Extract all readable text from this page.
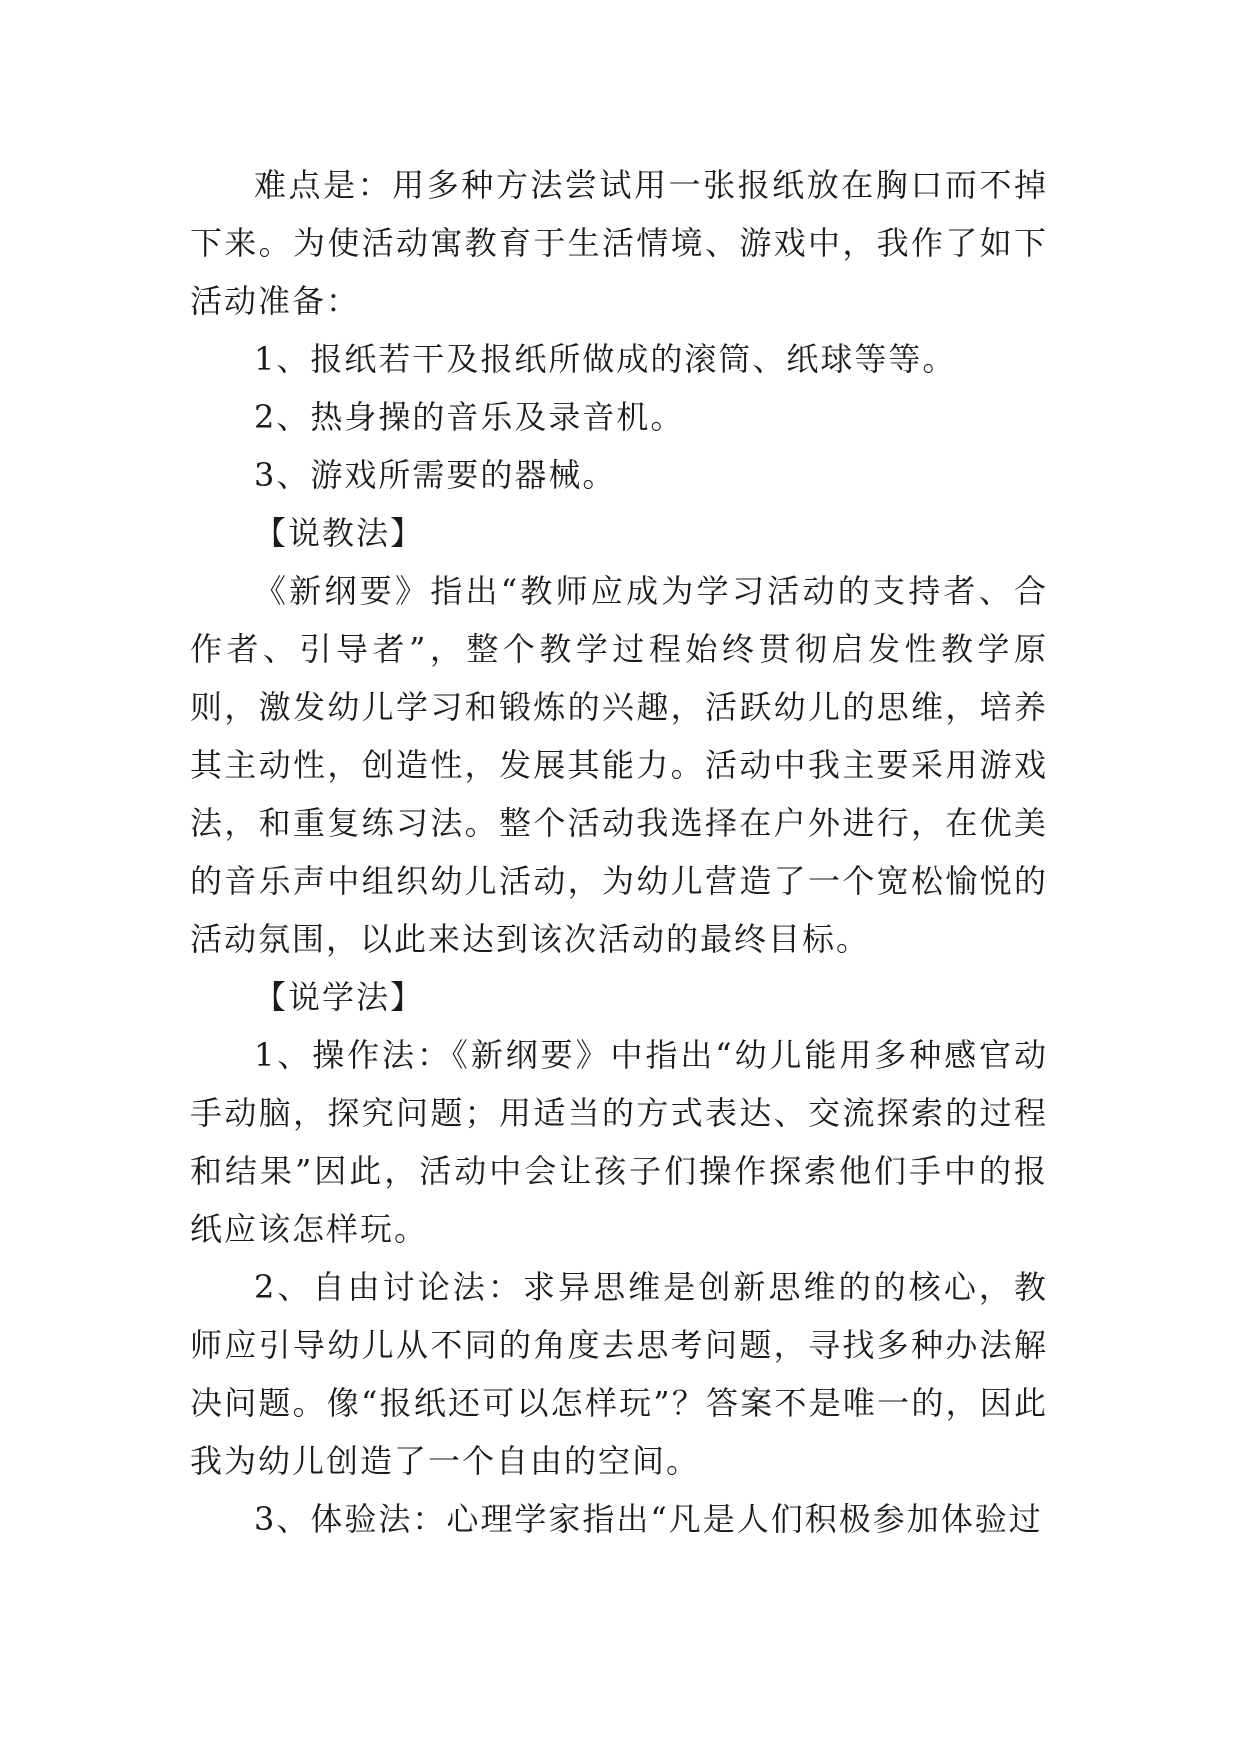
难点是：用多种方法尝试用一张报纸放在胸口而不掉下来。为使活动寓教育于生活情境、游戏中，我作了如下活动准备：

1、报纸若干及报纸所做成的滚筒、纸球等等。

2、热身操的音乐及录音机。

3、游戏所需要的器械。

【说教法】

《新纲要》指出“教师应成为学习活动的支持者、合作者、引导者”，整个教学过程始终贯彻启发性教学原则，激发幼儿学习和锻炼的兴趣，活跃幼儿的思维，培养其主动性，创造性，发展其能力。活动中我主要采用游戏法，和重复练习法。整个活动我选择在户外进行，在优美的音乐声中组织幼儿活动，为幼儿营造了一个宽松愉悦的活动氛围，以此来达到该次活动的最终目标。

【说学法】

1、操作法：《新纲要》中指出“幼儿能用多种感官动手动脑，探究问题；用适当的方式表达、交流探索的过程和结果”因此，活动中会让孩子们操作探索他们手中的报纸应该怎样玩。

2、自由讨论法：求异思维是创新思维的的核心，教师应引导幼儿从不同的角度去思考问题，寻找多种办法解决问题。像“报纸还可以怎样玩”？答案不是唯一的，因此我为幼儿创造了一个自由的空间。

3、体验法：心理学家指出“凡是人们积极参加体验过
